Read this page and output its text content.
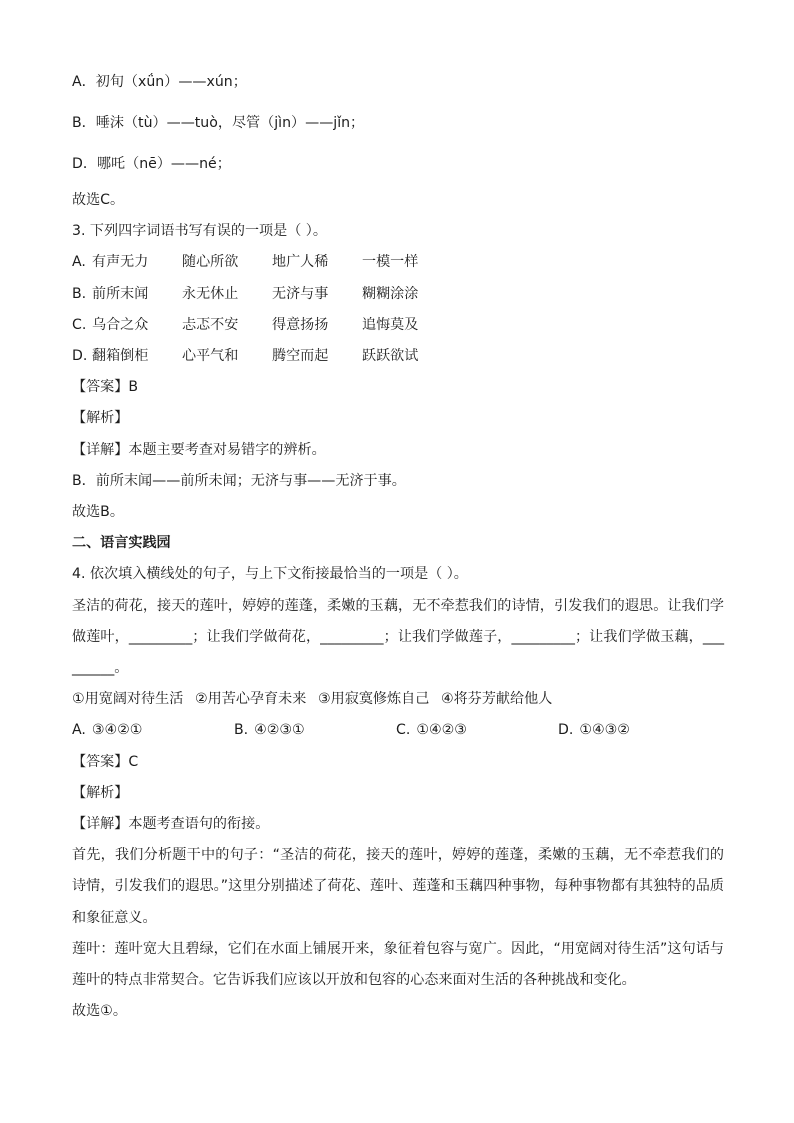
A．初旬（xǘn）——xún；
B．唾沫（tù）——tuò，尽管（jìn）——jǐn；
D．哪吒（nē）——né；
故选C。
3. 下列四字词语书写有误的一项是（ ）。
A. 有声无力	随心所欲	地广人稀	一模一样
B. 前所末闻	永无休止	无济与事	糊糊涂涂
C. 乌合之众	忐忑不安	得意扬扬	追悔莫及
D. 翻箱倒柜	心平气和	腾空而起	跃跃欲试
【答案】B
【解析】
【详解】本题主要考查对易错字的辨析。
B．前所末闻——前所未闻；无济与事——无济于事。
故选B。
二、语言实践园
4. 依次填入横线处的句子，与上下文衔接最恰当的一项是（ ）。
圣洁的荷花，接天的莲叶，婷婷的莲蓬，柔嫩的玉藕，无不牵惹我们的诗情，引发我们的遐思。让我们学做莲叶，_________；让我们学做荷花，_________；让我们学做莲子，_________；让我们学做玉藕，_________。
①用宽阔对待生活 ②用苦心孕育未来 ③用寂寞修炼自己 ④将芬芳献给他人
A. ③④②①	B. ④②③①	C. ①④②③	D. ①④③②
【答案】C
【解析】
【详解】本题考查语句的衔接。
首先，我们分析题干中的句子：“圣洁的荷花，接天的莲叶，婷婷的莲蓬，柔嫩的玉藕，无不牵惹我们的诗情，引发我们的遐思。”这里分别描述了荷花、莲叶、莲蓬和玉藕四种事物，每种事物都有其独特的品质和象征意义。
莲叶：莲叶宽大且碧绿，它们在水面上铺展开来，象征着包容与宽广。因此，“用宽阔对待生活”这句话与莲叶的特点非常契合。它告诉我们应该以开放和包容的心态来面对生活的各种挑战和变化。
故选①。
